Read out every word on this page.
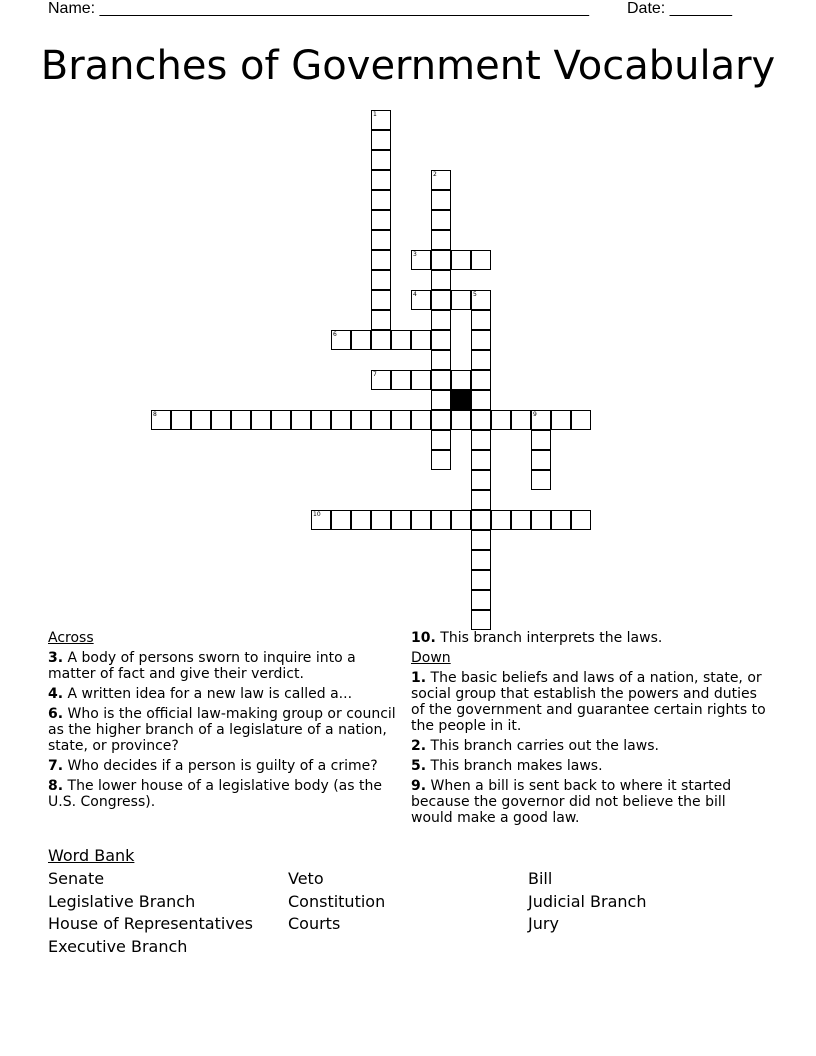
Name: _______________________________________________________ Date: _______
Branches of Government Vocabulary
1
2
3
4	5
6
7
8	9
10
Across
3. A body of persons sworn to inquire into a matter of fact and give their verdict.
4. A written idea for a new law is called a...
6. Who is the official law-making group or council as the higher branch of a legislature of a nation, state, or province?
7. Who decides if a person is guilty of a crime?
8. The lower house of a legislative body (as the U.S. Congress).
10. This branch interprets the laws.
Down
1. The basic beliefs and laws of a nation, state, or social group that establish the powers and duties of the government and guarantee certain rights to the people in it.
2. This branch carries out the laws.
5. This branch makes laws.
9. When a bill is sent back to where it started because the governor did not believe the bill would make a good law.
Word Bank
Senate	Veto	Bill
Legislative Branch	Constitution	Judicial Branch
House of Representatives Courts	Jury
Executive Branch
